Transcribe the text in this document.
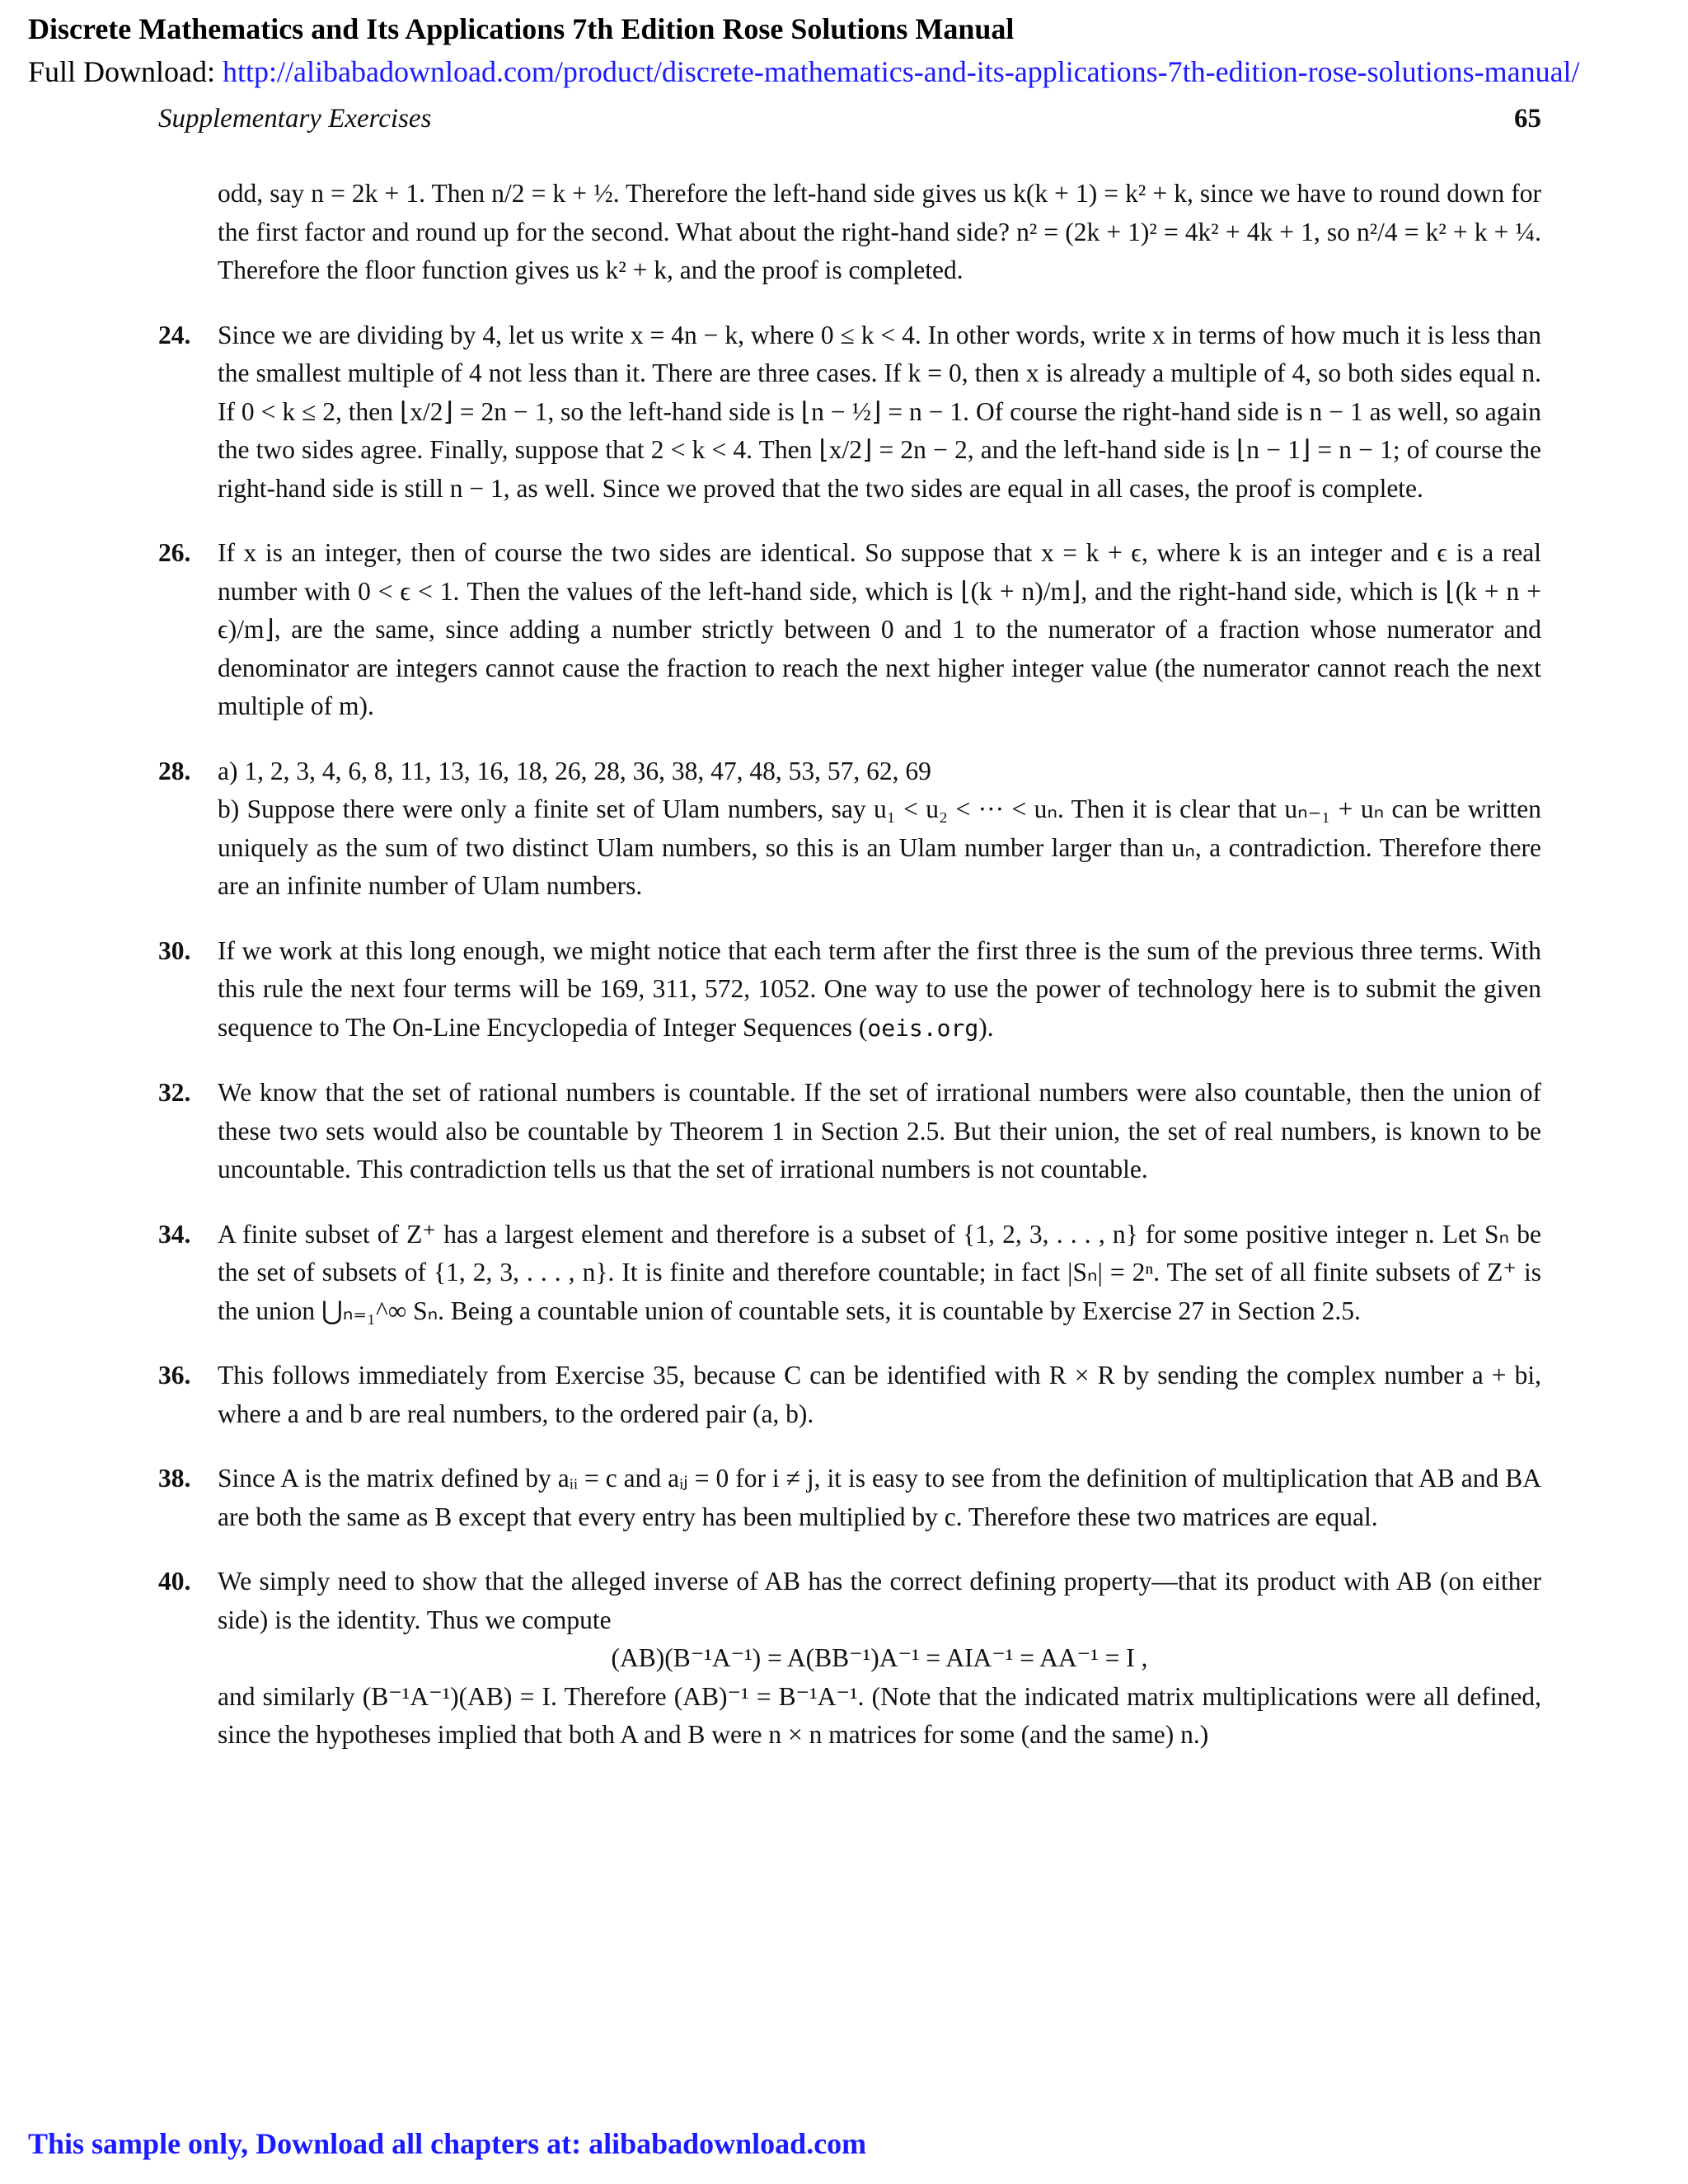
Discrete Mathematics and Its Applications 7th Edition Rose Solutions Manual
Full Download: http://alibabadownload.com/product/discrete-mathematics-and-its-applications-7th-edition-rose-solutions-manual/
Supplementary Exercises	65

odd, say n = 2k + 1. Then n/2 = k + ½. Therefore the left-hand side gives us k(k + 1) = k² + k, since we have to round down for the first factor and round up for the second. What about the right-hand side? n² = (2k + 1)² = 4k² + 4k + 1, so n²/4 = k² + k + ¼. Therefore the floor function gives us k² + k, and the proof is completed.

24. Since we are dividing by 4, let us write x = 4n − k, where 0 ≤ k < 4. In other words, write x in terms of how much it is less than the smallest multiple of 4 not less than it. There are three cases. If k = 0, then x is already a multiple of 4, so both sides equal n. If 0 < k ≤ 2, then ⌊x/2⌋ = 2n − 1, so the left-hand side is ⌊n − ½⌋ = n − 1. Of course the right-hand side is n − 1 as well, so again the two sides agree. Finally, suppose that 2 < k < 4. Then ⌊x/2⌋ = 2n − 2, and the left-hand side is ⌊n − 1⌋ = n − 1; of course the right-hand side is still n − 1, as well. Since we proved that the two sides are equal in all cases, the proof is complete.

26. If x is an integer, then of course the two sides are identical. So suppose that x = k + ϵ, where k is an integer and ϵ is a real number with 0 < ϵ < 1. Then the values of the left-hand side, which is ⌊(k + n)/m⌋, and the right-hand side, which is ⌊(k + n + ϵ)/m⌋, are the same, since adding a number strictly between 0 and 1 to the numerator of a fraction whose numerator and denominator are integers cannot cause the fraction to reach the next higher integer value (the numerator cannot reach the next multiple of m).

28. a) 1, 2, 3, 4, 6, 8, 11, 13, 16, 18, 26, 28, 36, 38, 47, 48, 53, 57, 62, 69

b) Suppose there were only a finite set of Ulam numbers, say u₁ < u₂ < ··· < uₙ. Then it is clear that uₙ₋₁ + uₙ can be written uniquely as the sum of two distinct Ulam numbers, so this is an Ulam number larger than uₙ, a contradiction. Therefore there are an infinite number of Ulam numbers.

30. If we work at this long enough, we might notice that each term after the first three is the sum of the previous three terms. With this rule the next four terms will be 169, 311, 572, 1052. One way to use the power of technology here is to submit the given sequence to The On-Line Encyclopedia of Integer Sequences (oeis.org).

32. We know that the set of rational numbers is countable. If the set of irrational numbers were also countable, then the union of these two sets would also be countable by Theorem 1 in Section 2.5. But their union, the set of real numbers, is known to be uncountable. This contradiction tells us that the set of irrational numbers is not countable.

34. A finite subset of Z⁺ has a largest element and therefore is a subset of {1, 2, 3, . . . , n} for some positive integer n. Let Sₙ be the set of subsets of {1, 2, 3, . . . , n}. It is finite and therefore countable; in fact |Sₙ| = 2ⁿ. The set of all finite subsets of Z⁺ is the union ⋃ₙ₌₁^∞ Sₙ. Being a countable union of countable sets, it is countable by Exercise 27 in Section 2.5.

36. This follows immediately from Exercise 35, because C can be identified with R × R by sending the complex number a + bi, where a and b are real numbers, to the ordered pair (a, b).

38. Since A is the matrix defined by aᵢᵢ = c and aᵢⱼ = 0 for i ≠ j, it is easy to see from the definition of multiplication that AB and BA are both the same as B except that every entry has been multiplied by c. Therefore these two matrices are equal.

40. We simply need to show that the alleged inverse of AB has the correct defining property—that its product with AB (on either side) is the identity. Thus we compute

(AB)(B⁻¹A⁻¹) = A(BB⁻¹)A⁻¹ = AIA⁻¹ = AA⁻¹ = I ,

and similarly (B⁻¹A⁻¹)(AB) = I. Therefore (AB)⁻¹ = B⁻¹A⁻¹. (Note that the indicated matrix multiplications were all defined, since the hypotheses implied that both A and B were n × n matrices for some (and the same) n.)

This sample only, Download all chapters at: alibabadownload.com
